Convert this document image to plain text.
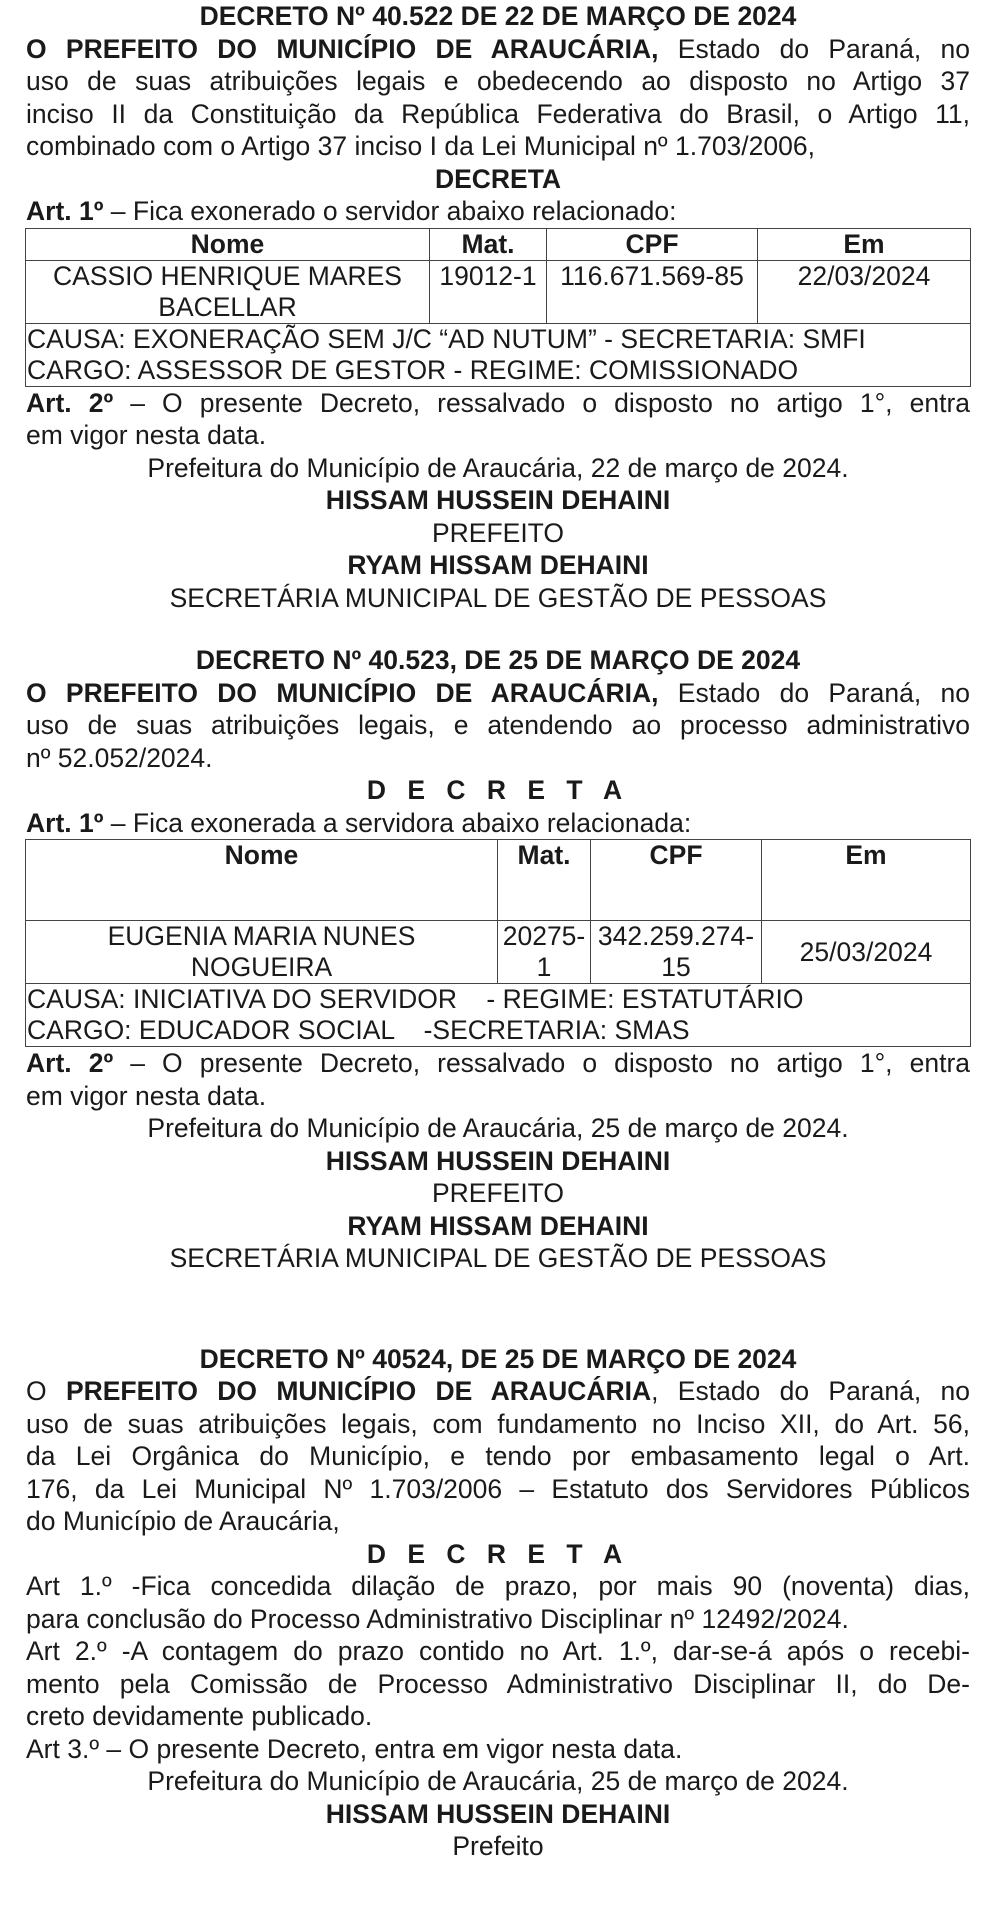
DECRETO Nº 40.522 DE 22 DE MARÇO DE 2024
O PREFEITO DO MUNICÍPIO DE ARAUCÁRIA, Estado do Paraná, no
uso de suas atribuições legais e obedecendo ao disposto no Artigo 37
inciso II da Constituição da República Federativa do Brasil, o Artigo 11,
combinado com o Artigo 37 inciso I da Lei Municipal nº 1.703/2006,
DECRETA
Art. 1º – Fica exonerado o servidor abaixo relacionado:
Nome	Mat.	CPF	Em

CASSIO HENRIQUE MARES
BACELLAR	19012-1	116.671.569-85	22/03/2024

CAUSA: EXONERAÇÃO SEM J/C “AD NUTUM” - SECRETARIA: SMFI
CARGO: ASSESSOR DE GESTOR - REGIME: COMISSIONADO			
Art. 2º – O presente Decreto, ressalvado o disposto no artigo 1°, entra
em vigor nesta data.
Prefeitura do Município de Araucária, 22 de março de 2024.
HISSAM HUSSEIN DEHAINI
PREFEITO
RYAM HISSAM DEHAINI
SECRETÁRIA MUNICIPAL DE GESTÃO DE PESSOAS
DECRETO Nº 40.523, DE 25 DE MARÇO DE 2024
O PREFEITO DO MUNICÍPIO DE ARAUCÁRIA, Estado do Paraná, no
uso de suas atribuições legais, e atendendo ao processo administrativo
nº 52.052/2024.
D E C R E T A
Art. 1º – Fica exonerada a servidora abaixo relacionada:
Nome	Mat.	CPF	Em

EUGENIA MARIA NUNES
NOGUEIRA	20275-1	342.259.274-15	25/03/2024

CAUSA: INICIATIVA DO SERVIDOR    - REGIME: ESTATUTÁRIO
CARGO: EDUCADOR SOCIAL    -SECRETARIA: SMAS			
Art. 2º – O presente Decreto, ressalvado o disposto no artigo 1°, entra
em vigor nesta data.
Prefeitura do Município de Araucária, 25 de março de 2024.
HISSAM HUSSEIN DEHAINI
PREFEITO
RYAM HISSAM DEHAINI
SECRETÁRIA MUNICIPAL DE GESTÃO DE PESSOAS
DECRETO Nº 40524, DE 25 DE MARÇO DE 2024
O PREFEITO DO MUNICÍPIO DE ARAUCÁRIA, Estado do Paraná, no
uso de suas atribuições legais, com fundamento no Inciso XII, do Art. 56,
da Lei Orgânica do Município, e tendo por embasamento legal o Art.
176, da Lei Municipal Nº 1.703/2006 – Estatuto dos Servidores Públicos
do Município de Araucária,
D E C R E T A
Art 1.º -Fica concedida dilação de prazo, por mais 90 (noventa) dias,
para conclusão do Processo Administrativo Disciplinar nº 12492/2024.
Art 2.º -A contagem do prazo contido no Art. 1.º, dar-se-á após o recebi-
mento pela Comissão de Processo Administrativo Disciplinar II, do De-
creto devidamente publicado.
Art 3.º – O presente Decreto, entra em vigor nesta data.
Prefeitura do Município de Araucária, 25 de março de 2024.
HISSAM HUSSEIN DEHAINI
Prefeito
